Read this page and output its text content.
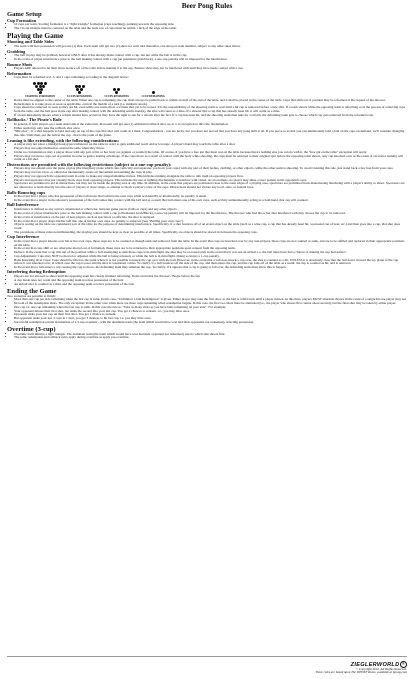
Beer Pong Rules
Game Setup
Cup Formation
• 10 cups per team. Starting formation is a "tight triangle" formation (cups touching), pointing towards the opposing side.
• The 10-cup triangle must be centered on the table and the back row of cups must be within 1 inch of the edge of the table.
Playing the Game
Shooting and Table Sides
• The team with first possession will get one (1) shot. Each team will get two (2) shots for each turn thereafter, one shot per team member, subject to any other rules below.
Grabbing
• The ball in play may be grabbed, however ONLY after it has already made contact with a cup, but not while the ball is in the cup.
• In the event of player interference prior to the ball making contact with a cup (an premature grab/block), a one-cup penalty will be imposed for the interference.
Bounce Shots
• Players ARE allowed to let their shots bounce off of the table before making it to the cup. Bounce shots may not be interfered with until they have made contact with a cup.
Reformation
• Cups must be reformed at 6, 3, and 1 cups remaining according to the diagram below:
STARTING FORMATION	6 CUPS REMAINING	3 CUPS REMAINING	1 CUP REMAINING
• Racks must be aligned to the center of the table. When one cup is remaining, the cup shall always be pulled back to within an inch of the end of the table, and it shall be placed in the center of the table. Cups that shift out of position may be reformed at the request of the thrower.
• Reformation is to take place as soon as applicable, even in the middle of a turn (i.e. midturn rerack).
• Cups should be removed as soon as they are hit, even while one team offers a written shot yet to be tossed. It is the responsibility of the shooting team to wait until a hit cup is removed before a new shot. If a team shoots while the opposing team is reforming or in the process of removing cups from the table, and the ball goes in the cup after making contact with the defending team's hand(s), the shot will count as a miss. If a shooter hits a cup that has already been hit, it will count as a miss.
• If a team mistakenly shoots when a reform should have occurred, they have the right to ask for a reform after the fact. If a cup has been hit, and the shooting team then asks for a reform, the defending team gets to choose which cup gets removed from the reformed rack.
Rollbacks / The Pirate's Rule
• In general, if both players on a team sink balls at the same turn, that team will get one (1) additional rollback shot, up to a 1x exception to this rule, Redemption.
• Either team may only take the rollback shot once.
• "Miracles" - If a shot happens to land and stay on top of the cups that shot will count as a miss. Congratulations - you are lucky, but you have not proved that you have any pong skill at all. If you prove to us that you can intentionally land a ball on the cups on demand, we'll consider changing this rule. Until then, put the ball in the cup - that is the point of the game.
Leaning is like extending, with the following considerations:
• A player may not place a hand(s)/foot(s)/pecs/whatever on the table in order to gain additional reach and/or leverage. A player's hand may touch the table after a shot.
• Players may not edge themselves around the table when they throw.
• Under no circumstances may a player shoot with any part of his or her body on (against or parallel) the table. Of course, if you have a free gut that must rest on the table because there's nothing else you can do with it, the "free gut on the table" exception will apply.
• Players may not move cups out of position in order to gain a leaning advantage. If the cups move as a result of contact with the body while shooting, the cups must be returned to their original spot before the opposing team shoots. Any cup knocked over as the result of excessive leaning will count as a hit shot.
Distractions are permitted with the following restrictions (subject to a one-cup penalty):
• Players may not extend over the plane of play (the imaginary plane which runs vertically and separates you from your cups) with any part of their bodies, clothing, or other objects, while the other team is shooting. To avoid violating this rule, just stand back a few feet from your cups.
• Players may not fan, blow, or otherwise intentionally create air movement surrounding the cups in play.
• Players may not approach the opposing team in order to make any unsportsmanlike moves. This includes running alongside the table to talk trash on opposing players flow.
• Players and spectators may not visually block cups from opposing players. This includes the use of lighting mechanisms to interfere with vision. As an example, no player may shine a laser pointer in his opponent's eyes.
• Spectators are permitted to aid in distractions, but may not be inside the playing area at any time. In addition, in the event that players are positioned close to the outer edges of a playing area, spectators are prohibited from maneuvering interfering with a player's ability to shoot. Spectators are not allowed to scream directly into the ears of players at close range, or attempt to block a player's view of the cups. Distractions should not violate any local, state, or federal laws.
Balls-Bouncing cups
• In the event that a player who has possession of the ball drops that ball into his own cups while accidentally or intentionally, no penalty is taken.
• In the event that a player in the shooter's possession of the ball comes into contact with the ball and as a result that ball enters one of his own cups, such activity unintentionally acting as a bath hand, that cup will counted.
Ball Interference
• Interference is defined as any contact, intentional or otherwise, between game pieces (balls or cups) and any other objects.
• In the event of player interference prior to the ball making contact with a cup (a Premature Grab/Block), a one-cup penalty will be imposed for the interference. The thrower who had his or her shot interfered with may choose the cup to be removed.
• In the event of interference on the part of non-players, such as spectators or officials, the shot is replayed.
• In the event that a player drops his/her ball into one of his/her own cups, no penalty is enforced (See "Balling your own cups").
• Objects resting on the table are considered part of the table for the purpose of determining interference. Specifically, if a shot bounces off of an errant object on the table (such as a wine cup, a cup that has already been hit, a personal can of beer, etc.) and then goes into a cup, that shot does count.
• The provisions of these rules notwithstanding, the playing area should be kept as clear as possible at all times. Specifically, no objects should be placed in between the opposing cups.
Cup Interference
• In the event that a player knocks over his or her own cups, those cups are to be counted as though sunk and removed from the table. In the event that cups are knocked over by any non-players, those cups are not counted as sunk, and are to be refilled and replaced in their appropriate positions on the table.
• In the event that cups shift or are otherwise moved out of formation, those cups are to be returned to their appropriate positions upon request from the opposing team.
• Deflect: In the event that a cup tilts out of the position while a ball attempting to sink those cups is in-mid-flight, the shot may be re-tossed only in the event that it was not an airball, i.e. the ball must have had a chance of making the cup had deflect.
• Cup Adjustment: Cups may NOT be moved or adjusted while the ball is being released, or while the ball is in mid-flight. Doing so incurs a 1-cup penalty.
• Balls Knocking Over Cups: Cups should be filled to the point where it is not possible to knock the cup over with the ball. However, in the event that a ball does knock a cup over, the shot is counted as a hit, UNLESS it is absolutely clear that the ball never crossed the top plane of the cup before it was knocked over, in which case the cup is reset and the shot is considered a miss. To clarify, if a ball bounces off the side of the cup, and then enters the cup, and the cup falls off of the table as a result, the cup is counted as hit, and is removed.
• In the event that a ball enters a cup causing the cup to move, the defending team may simulate the cup. To clarify, if it appears that a cup is going to fall over, the defending team must allow this to happen.
Interfering during Redemption
• Players are not allowed to shoot until the opposing team has clearly finished reforming. In the event that the thrower - Bogie before the fan
• A cup made does not count and the opposing team receives possession of the ball.
• An airball shot is counted as a miss and the opposing team receives possession of the ball.
Ending the Game
Two scenarios are possible to finish:
• More than one cup per side remaining when the last cup is sunk. In this case, "Unlimited 1-ball Redemption" is given. Either player may take the first shot, so the ball is rolled back until a player misses. At this time, players MUST alternate throws in the event of a single hit one player may not hit both of the redemption shots. The only exception: In the other case when there are three cups remaining when redemption begins. In this case, the first two shots must be alternated (i.e., the player who shoots first cannot shoot second), but the final shot may be taken by either player.
• One cup vs. one cup remaining when the last cup is sunk. In this case the rule is, "Take as many shots as you have balls remaining on your side". For example:
• Your opponent misses their first shot, but sinks the second into your last cup. You get 2 chances to redeem, i.e., you may miss once.
• Opponent sinks your last cup on their first shot. You get 1 chance to redeem.
• But opponent sinks your last 3 cups in 1 turn, you get 3 chances to hit last cup, i.e. you may miss once.
• Successful redemption results in initiation of a 3-cup overtime - with the dominant team (the team which would have won had their opponents not redeemed), selecting possession.
Overtime (3-cup)
• Overtime form mimics a tight triangle. The dominant team (the team which would have won had their opponent not redeemed) selects which side shoots first.
• The same redemption and rollback rules apply during overtime as apply pre-overtime.
ZIEGLERWORLD ®
© Copyright 2010. All Rights Reserved.
These rules are based upon The WPDEF Rules, available at bpong.com
